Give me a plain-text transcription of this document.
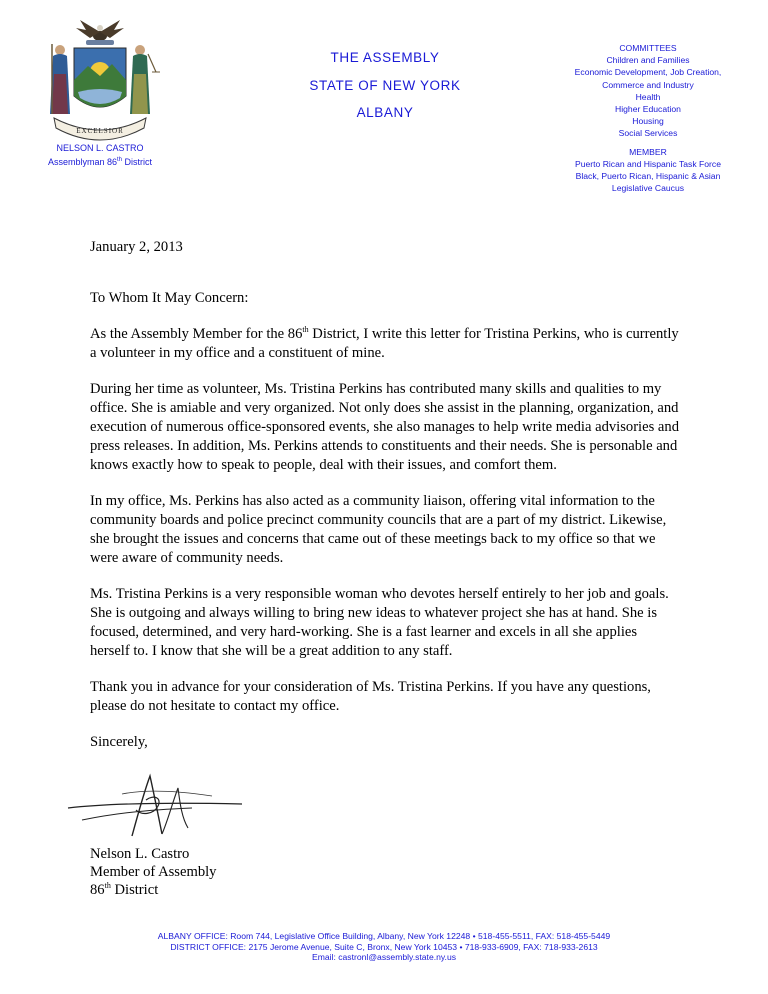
EXCELSIOR
THE ASSEMBLY
STATE OF NEW YORK
ALBANY
NELSON L. CASTRO
Assemblyman 86th District
COMMITTEES
Children and Families
Economic Development, Job Creation,
Commerce and Industry
Health
Higher Education
Housing
Social Services
MEMBER
Puerto Rican and Hispanic Task Force
Black, Puerto Rican, Hispanic & Asian
Legislative Caucus

January 2, 2013

To Whom It May Concern:

As the Assembly Member for the 86th District, I write this letter for Tristina Perkins, who is currently a volunteer in my office and a constituent of mine.

During her time as volunteer, Ms. Tristina Perkins has contributed many skills and qualities to my office. She is amiable and very organized. Not only does she assist in the planning, organization, and execution of numerous office-sponsored events, she also manages to help write media advisories and press releases. In addition, Ms. Perkins attends to constituents and their needs. She is personable and knows exactly how to speak to people, deal with their issues, and comfort them.

In my office, Ms. Perkins has also acted as a community liaison, offering vital information to the community boards and police precinct community councils that are a part of my district. Likewise, she brought the issues and concerns that came out of these meetings back to my office so that we were aware of community needs.

Ms. Tristina Perkins is a very responsible woman who devotes herself entirely to her job and goals. She is outgoing and always willing to bring new ideas to whatever project she has at hand. She is focused, determined, and very hard-working. She is a fast learner and excels in all she applies herself to. I know that she will be a great addition to any staff.

Thank you in advance for your consideration of Ms. Tristina Perkins. If you have any questions, please do not hesitate to contact my office.

Sincerely,

Nelson L. Castro
Member of Assembly
86th District
ALBANY OFFICE: Room 744, Legislative Office Building, Albany, New York 12248 • 518-455-5511, FAX: 518-455-5449
DISTRICT OFFICE: 2175 Jerome Avenue, Suite C, Bronx, New York 10453 • 718-933-6909, FAX: 718-933-2613
Email: castronl@assembly.state.ny.us
